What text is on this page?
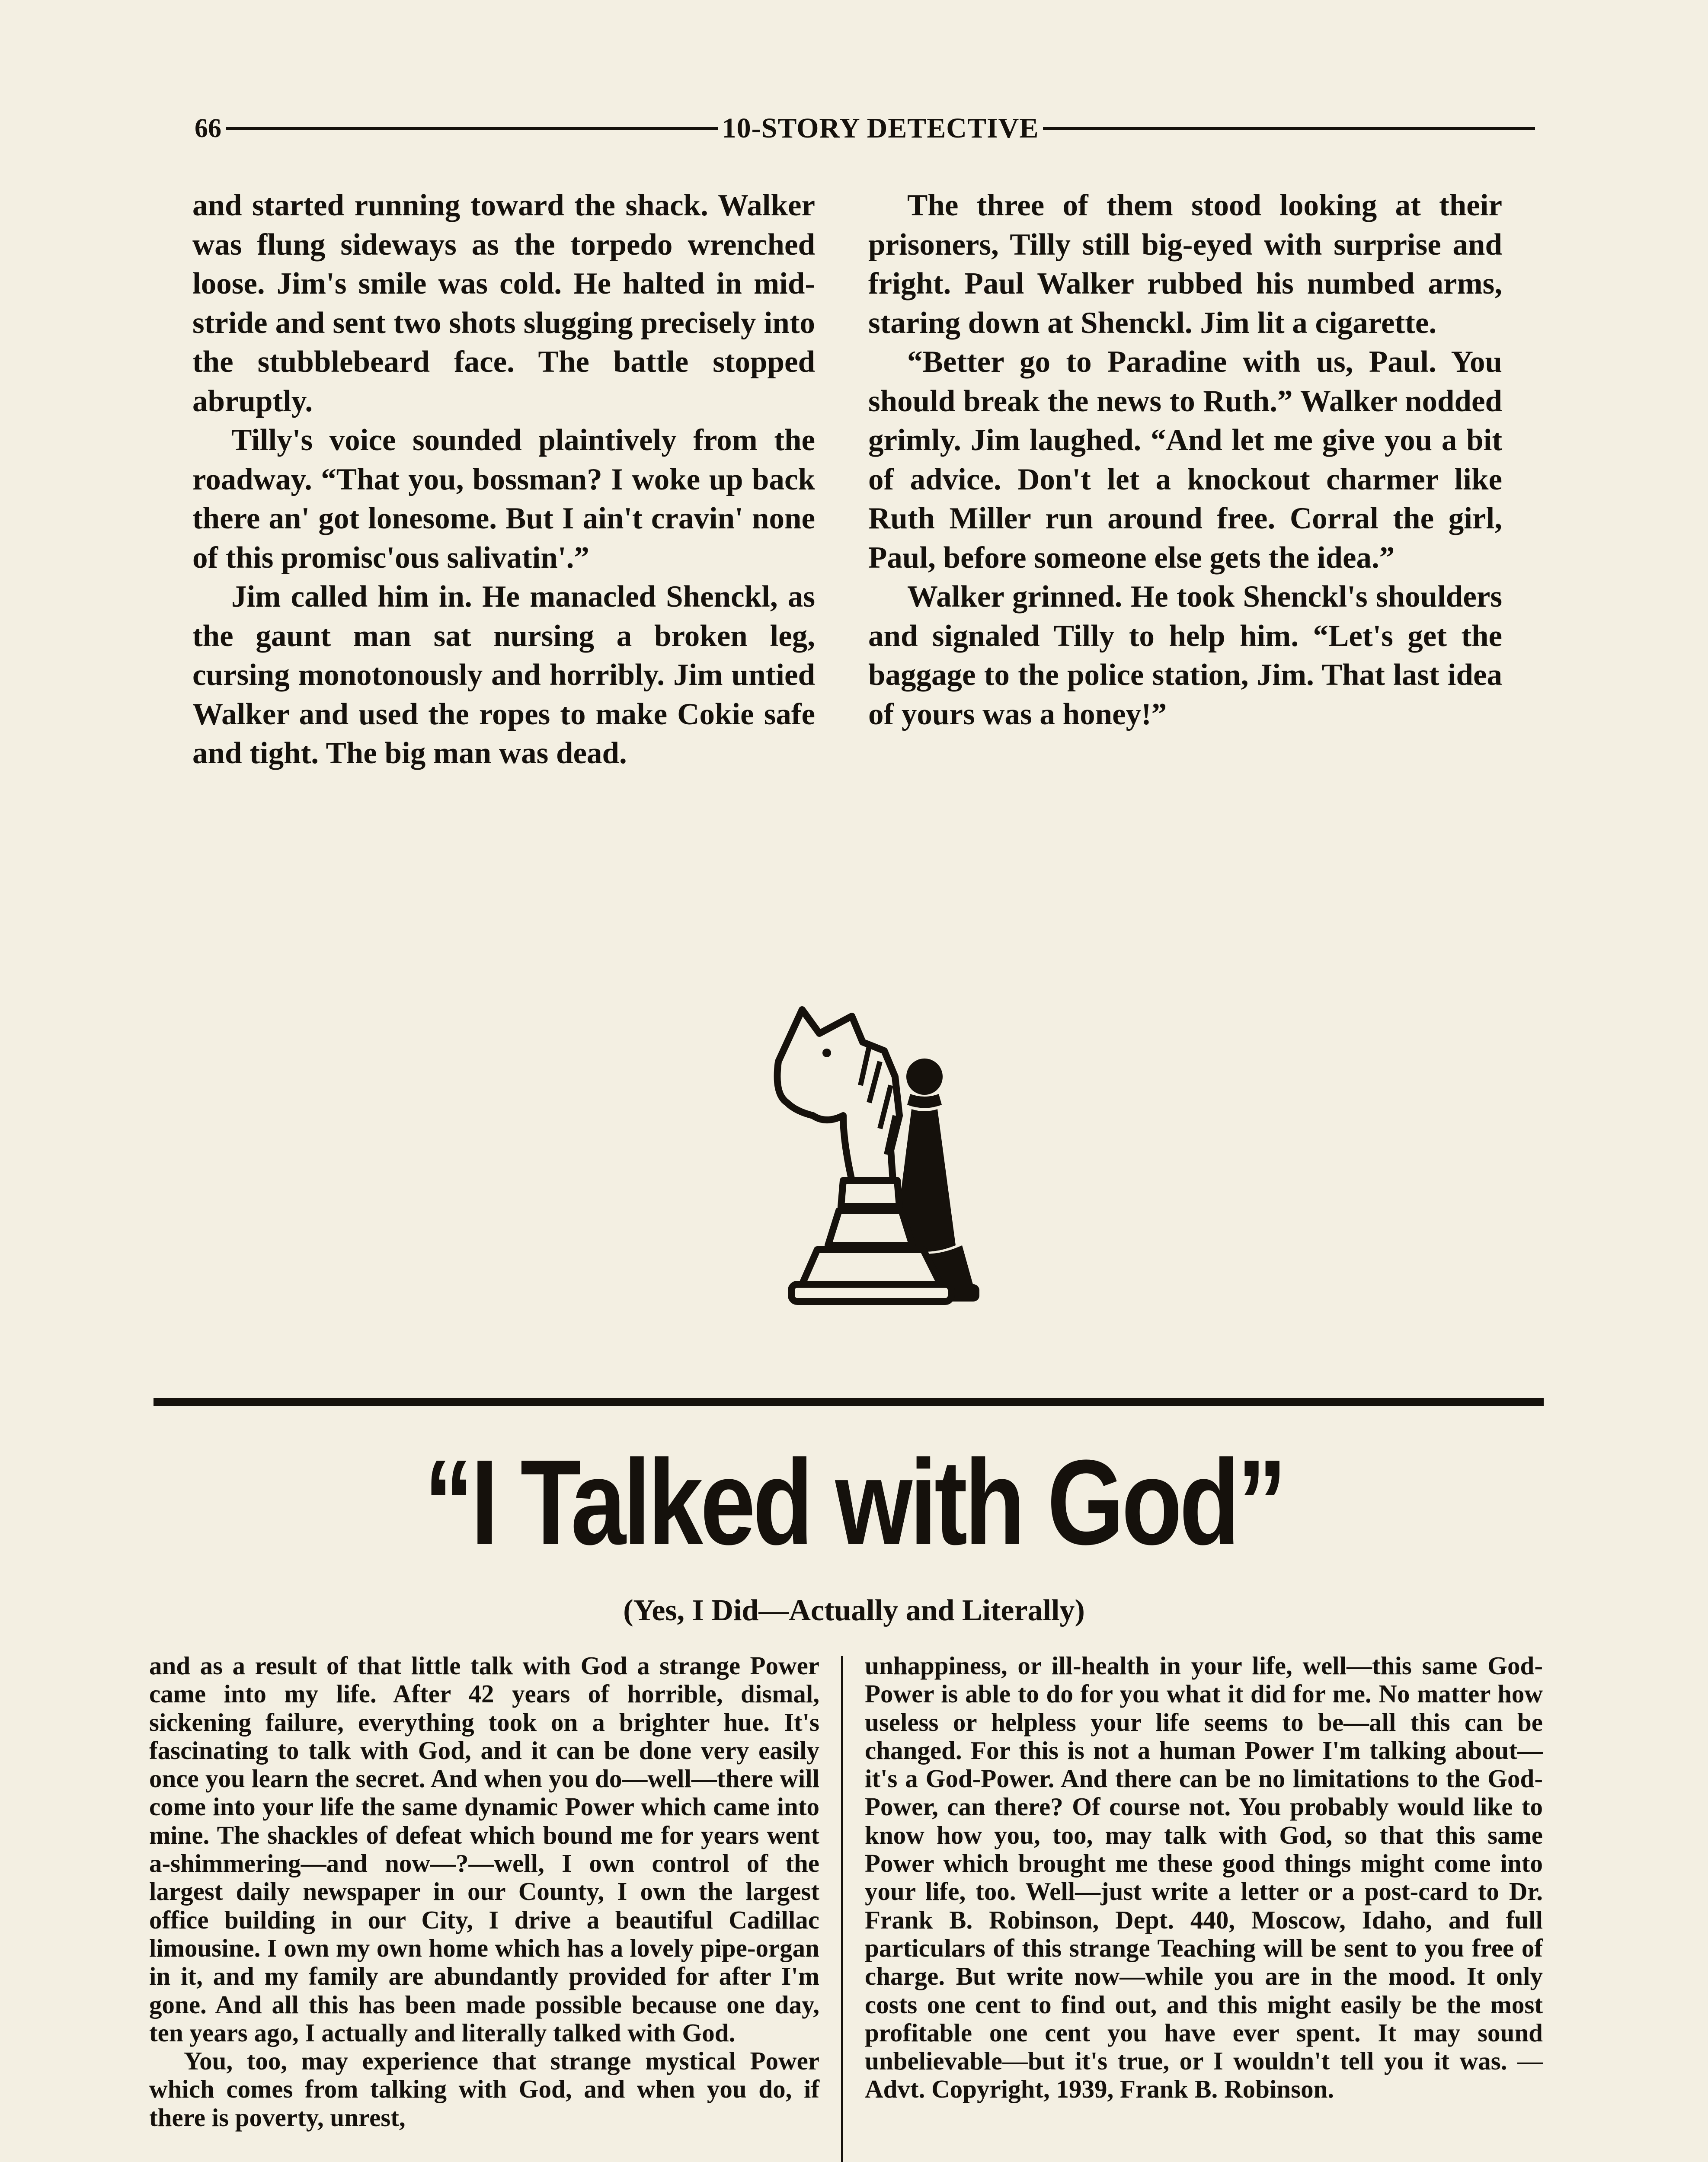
66	10-STORY DETECTIVE

and started running toward the shack. Walker was flung sideways as the torpedo wrenched loose. Jim's smile was cold. He halted in mid-stride and sent two shots slugging precisely into the stubblebeard face. The battle stopped abruptly.

Tilly's voice sounded plaintively from the roadway. “That you, bossman? I woke up back there an' got lonesome. But I ain't cravin' none of this promisc'ous salivatin'.”

Jim called him in. He manacled Shenckl, as the gaunt man sat nursing a broken leg, cursing monotonously and horribly. Jim untied Walker and used the ropes to make Cokie safe and tight. The big man was dead.

The three of them stood looking at their prisoners, Tilly still big-eyed with surprise and fright. Paul Walker rubbed his numbed arms, staring down at Shenckl. Jim lit a cigarette.

“Better go to Paradine with us, Paul. You should break the news to Ruth.” Walker nodded grimly. Jim laughed. “And let me give you a bit of advice. Don't let a knockout charmer like Ruth Miller run around free. Corral the girl, Paul, before someone else gets the idea.”

Walker grinned. He took Shenckl's shoulders and signaled Tilly to help him. “Let's get the baggage to the police station, Jim. That last idea of yours was a honey!”

“I Talked with God”
(Yes, I Did—Actually and Literally)

and as a result of that little talk with God a strange Power came into my life. After 42 years of horrible, dismal, sickening failure, everything took on a brighter hue. It's fascinating to talk with God, and it can be done very easily once you learn the secret. And when you do—well—there will come into your life the same dynamic Power which came into mine. The shackles of defeat which bound me for years went a-shimmering—and now—?—well, I own control of the largest daily newspaper in our County, I own the largest office building in our City, I drive a beautiful Cadillac limousine. I own my own home which has a lovely pipe-organ in it, and my family are abundantly provided for after I'm gone. And all this has been made possible because one day, ten years ago, I actually and literally talked with God.

You, too, may experience that strange mystical Power which comes from talking with God, and when you do, if there is poverty, unrest,

unhappiness, or ill-health in your life, well—this same God-Power is able to do for you what it did for me. No matter how useless or helpless your life seems to be—all this can be changed. For this is not a human Power I'm talking about—it's a God-Power. And there can be no limitations to the God-Power, can there? Of course not. You probably would like to know how you, too, may talk with God, so that this same Power which brought me these good things might come into your life, too. Well—just write a letter or a post-card to Dr. Frank B. Robinson, Dept. 440, Moscow, Idaho, and full particulars of this strange Teaching will be sent to you free of charge. But write now—while you are in the mood. It only costs one cent to find out, and this might easily be the most profitable one cent you have ever spent. It may sound unbelievable—but it's true, or I wouldn't tell you it was. — Advt. Copyright, 1939, Frank B. Robinson.
